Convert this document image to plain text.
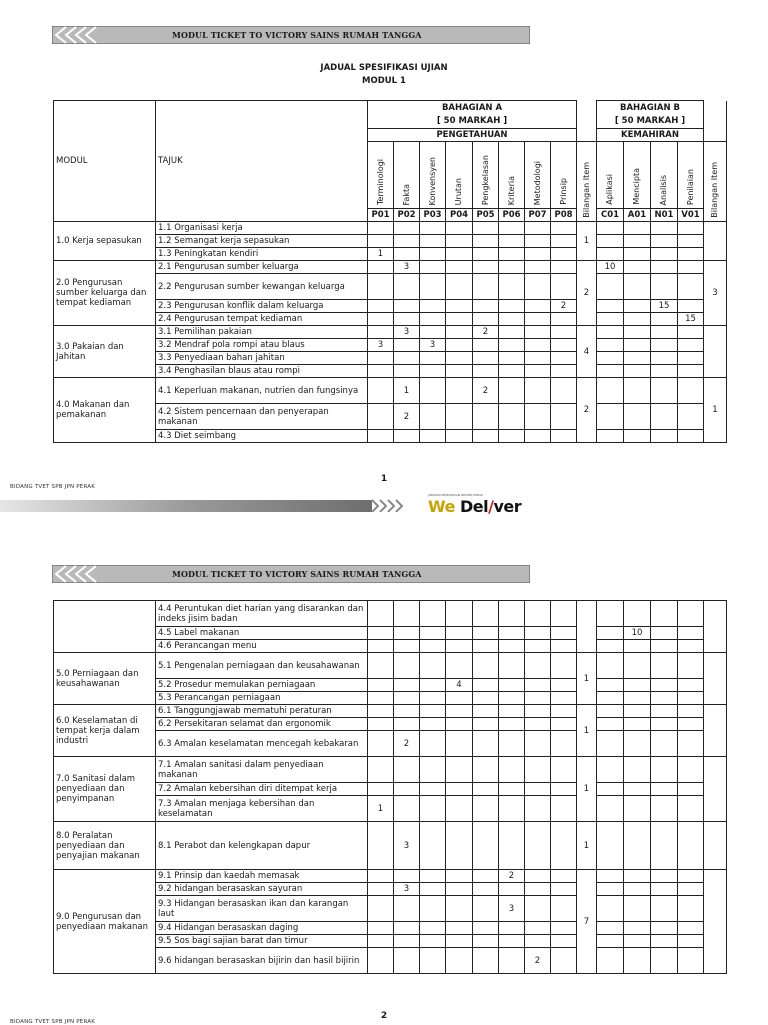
MODUL TICKET TO VICTORY SAINS RUMAH TANGGA
JADUAL SPESIFIKASI UJIAN
MODUL 1
MODUL	TAJUK	BAHAGIAN A									BAHAGIAN B				
		[ 50 MARKAH ]									[ 50 MARKAH ]				
		PENGETAHUAN									KEMAHIRAN				
		Terminologi	Fakta	Konvensyen	Urutan	Pengkelasan	Kriteria	Metodologi	Prinsip	Bilangan Item	Aplikasi	Mencipta	Analisis	Penilaian	Bilangan Item
		P01	P02	P03	P04	P05	P06	P07	P08		C01	A01	N01	V01	
1.0 Kerja sepasukan	1.1 Organisasi kerja									1					
	1.2 Semangat kerja sepasukan														
	1.3 Peningkatan kendiri	1													
2.0 Pengurusan sumber keluarga dan tempat kediaman	2.1 Pengurusan sumber keluarga		3							2	10				3
	2.2 Pengurusan sumber kewangan keluarga														
	2.3 Pengurusan konflik dalam keluarga								2				15		
	2.4 Pengurusan tempat kediaman													15	
3.0 Pakaian dan Jahitan	3.1 Pemilihan pakaian		3			2				4					
	3.2 Mendraf pola rompi atau blaus	3		3											
	3.3 Penyediaan bahan jahitan														
	3.4 Penghasilan blaus atau rompi														
4.0 Makanan dan pemakanan	4.1 Keperluan makanan, nutrien dan fungsinya		1			2				2					1
	4.2 Sistem pencernaan dan penyerapan makanan		2												
	4.3 Diet seimbang														
1
BIDANG TVET SPB JPN PERAK
JABATAN PENDIDIKAN NEGERI PERAK
We Del/ver
MODUL TICKET TO VICTORY SAINS RUMAH TANGGA
	4.4 Peruntukan diet harian yang disarankan dan indeks jisim badan														
	4.5 Label makanan											10			
	4.6 Perancangan menu														
5.0 Perniagaan dan keusahawanan	5.1 Pengenalan perniagaan dan keusahawanan									1					
	5.2 Prosedur memulakan perniagaan				4										
	5.3 Perancangan perniagaan														
6.0 Keselamatan di tempat kerja dalam industri	6.1 Tanggungjawab mematuhi peraturan									1					
	6.2 Persekitaran selamat dan ergonomik														
	6.3 Amalan keselamatan mencegah kebakaran		2												
7.0 Sanitasi dalam penyediaan dan penyimpanan	7.1 Amalan sanitasi dalam penyediaan makanan									1					
	7.2 Amalan kebersihan diri ditempat kerja														
	7.3 Amalan menjaga kebersihan dan keselamatan	1													
8.0 Peralatan penyediaan dan penyajian makanan	8.1 Perabot dan kelengkapan dapur		3							1					
9.0 Pengurusan dan penyediaan makanan	9.1 Prinsip dan kaedah memasak						2			7					
	9.2 hidangan berasaskan sayuran		3												
	9.3 Hidangan berasaskan ikan dan karangan laut						3								
	9.4 Hidangan berasaskan daging														
	9.5 Sos bagi sajian barat dan timur														
	9.6 hidangan berasaskan bijirin dan hasil bijirin							2							
2
BIDANG TVET SPB JPN PERAK
